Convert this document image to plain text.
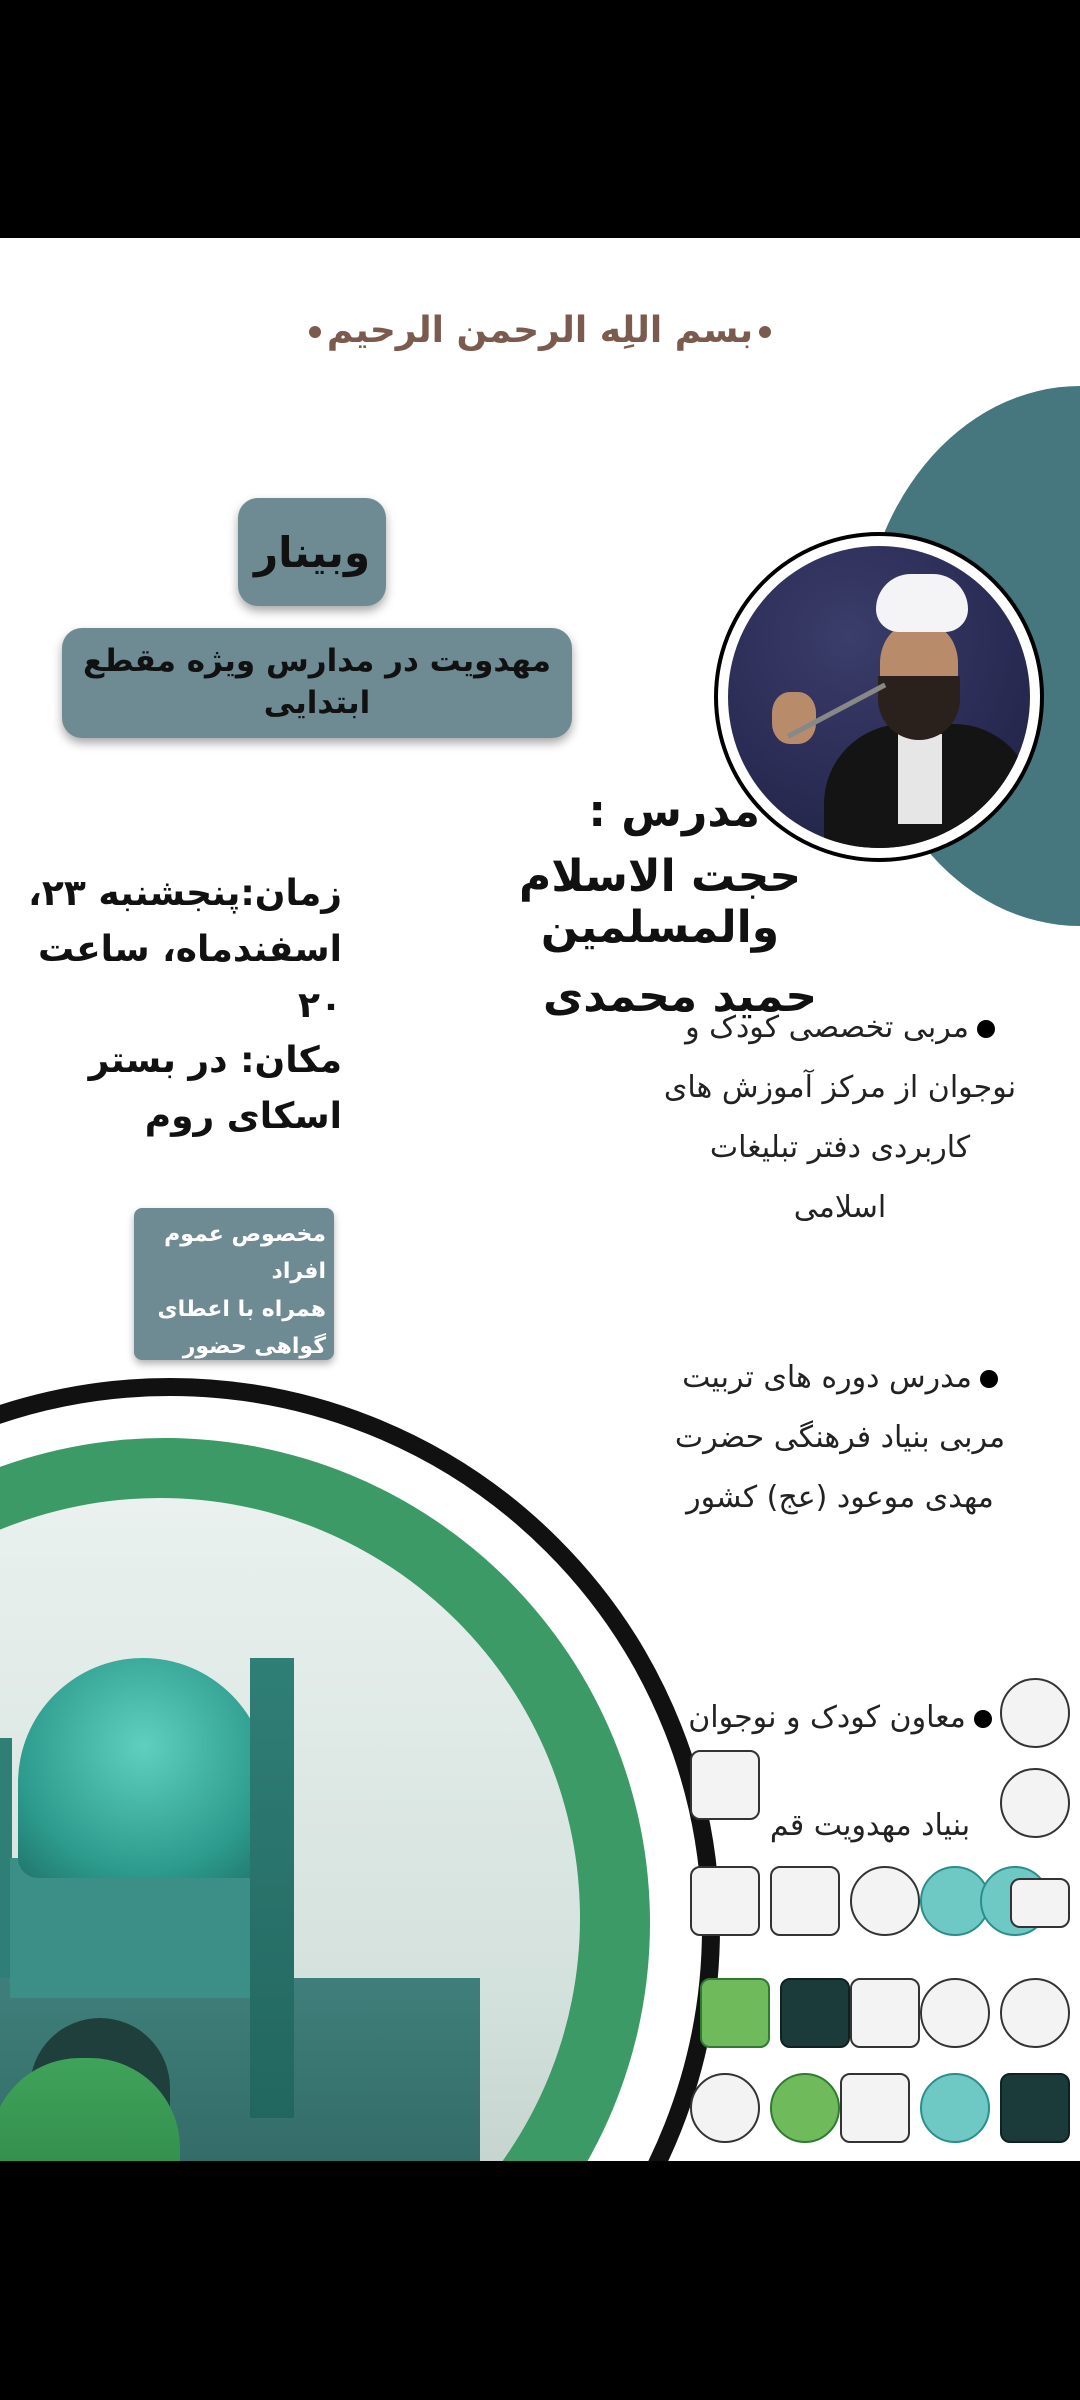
بسم اللِه الرحمن الرحیم
وبینار
مهدویت در مدارس ویژه مقطع ابتدایی
مدرس :
حجت الاسلام والمسلمین
حمید محمدی
زمان:پنجشنبه ۲۳، اسفندماه، ساعت ۲۰
مکان: در بستر اسکای روم
مخصوص عموم
افراد
همراه با اعطای
گواهی حضور
مربی تخصصی کودک و نوجوان از مرکز آموزش های کاربردی دفتر تبلیغات اسلامی
مدرس دوره های تربیت مربی بنیاد فرهنگی حضرت مهدی موعود (عج) کشور
معاون کودک و نوجوان
بنیاد مهدویت قم
